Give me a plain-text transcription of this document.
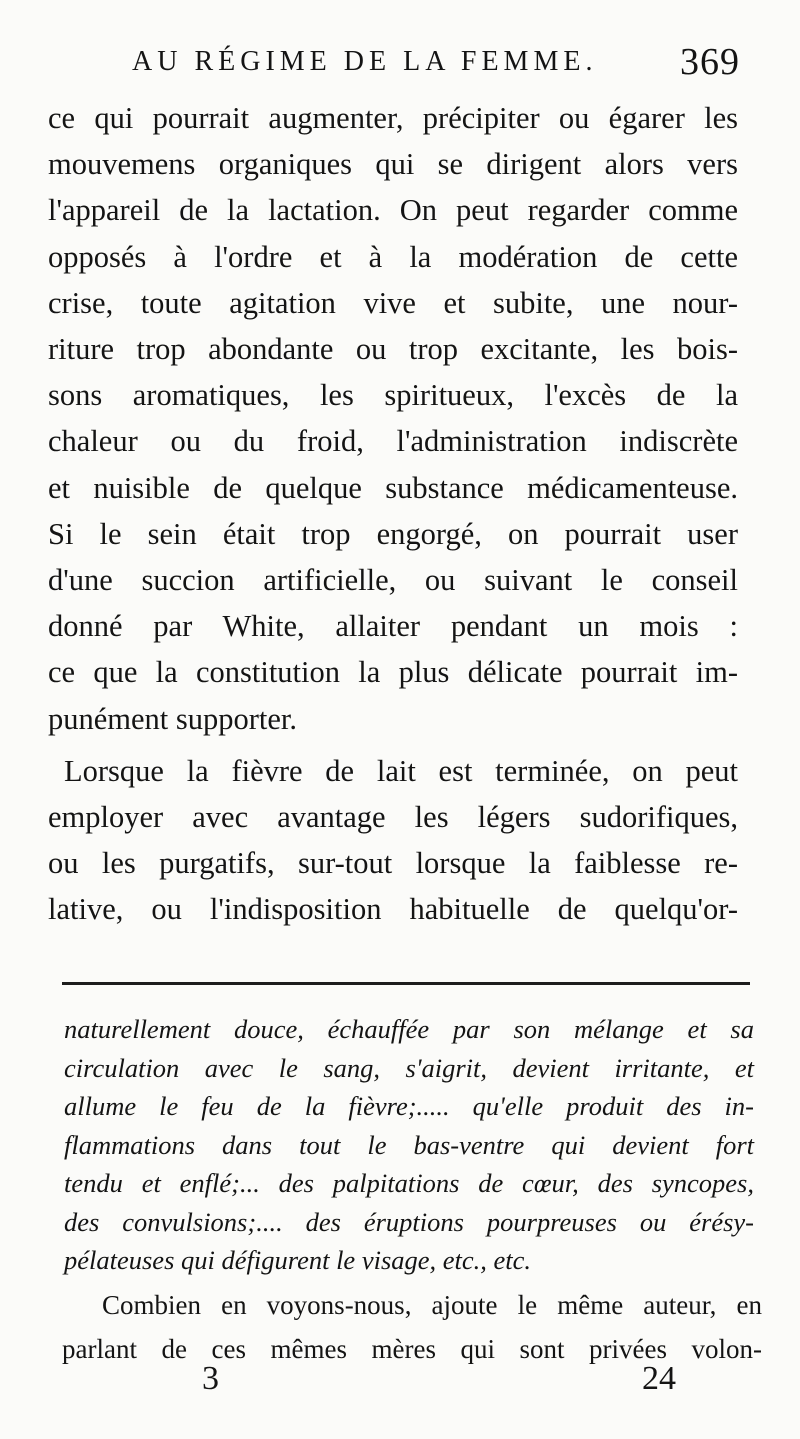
AU RÉGIME DE LA FEMME. 369
ce qui pourrait augmenter, précipiter ou égarer les
mouvemens organiques qui se dirigent alors vers
l'appareil de la lactation. On peut regarder comme
opposés à l'ordre et à la modération de cette
crise, toute agitation vive et subite, une nour-
riture trop abondante ou trop excitante, les bois-
sons aromatiques, les spiritueux, l'excès de la
chaleur ou du froid, l'administration indiscrète
et nuisible de quelque substance médicamenteuse.
Si le sein était trop engorgé, on pourrait user
d'une succion artificielle, ou suivant le conseil
donné par White, allaiter pendant un mois :
ce que la constitution la plus délicate pourrait im-
punément supporter.
Lorsque la fièvre de lait est terminée, on peut
employer avec avantage les légers sudorifiques,
ou les purgatifs, sur-tout lorsque la faiblesse re-
lative, ou l'indisposition habituelle de quelqu'or-
naturellement douce, échauffée par son mélange et sa
circulation avec le sang, s'aigrit, devient irritante, et
allume le feu de la fièvre;..... qu'elle produit des in-
flammations dans tout le bas-ventre qui devient fort
tendu et enflé;... des palpitations de cœur, des syncopes,
des convulsions;.... des éruptions pourpreuses ou érésy-
pélateuses qui défigurent le visage, etc., etc.
Combien en voyons-nous, ajoute le même auteur, en
parlant de ces mêmes mères qui sont privées volon-
3	24
